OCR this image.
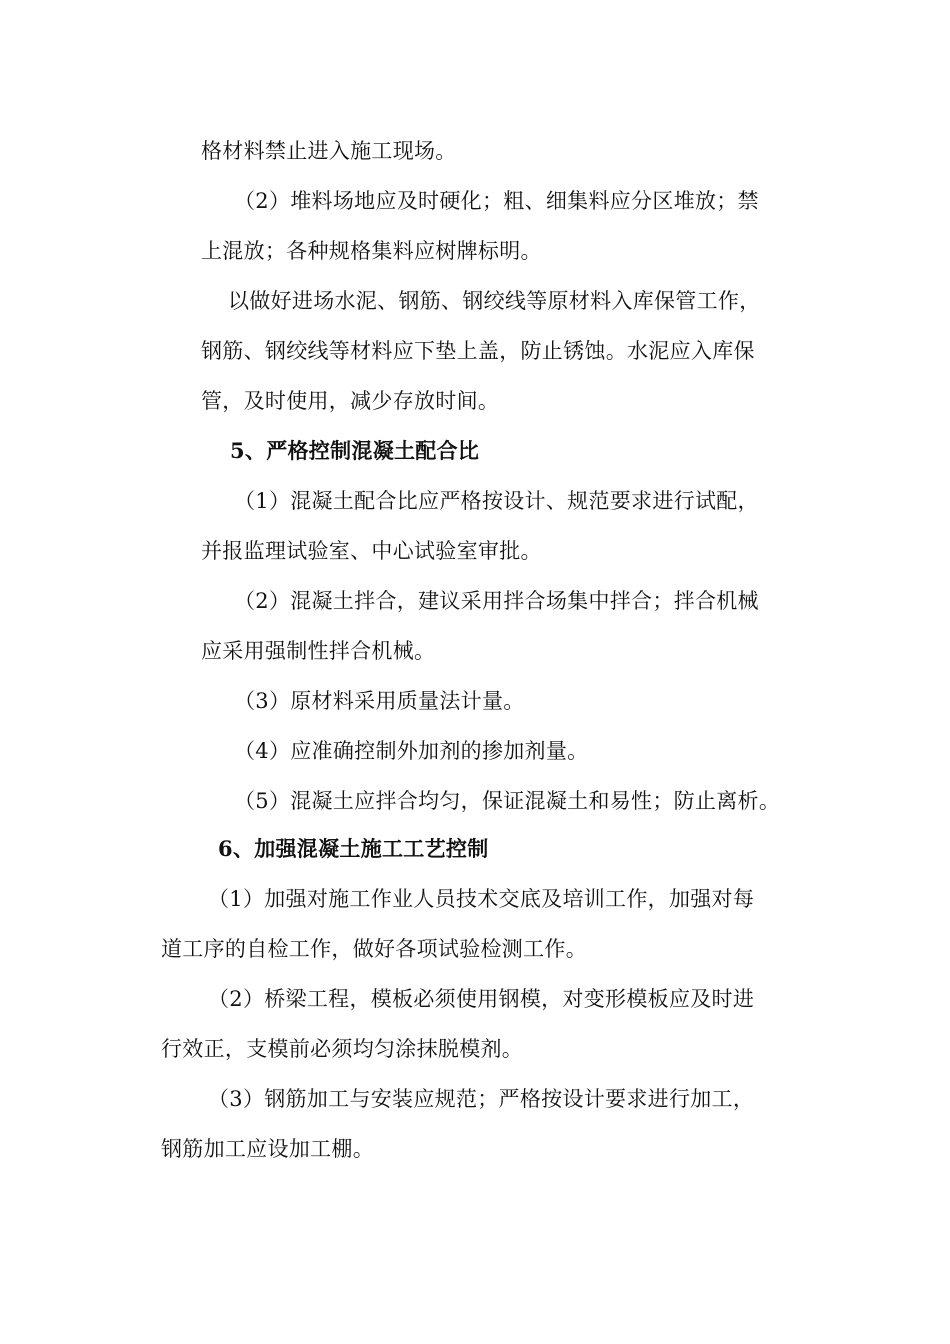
格材料禁止进入施工现场。
（2）堆料场地应及时硬化；粗、细集料应分区堆放；禁
上混放；各种规格集料应树牌标明。
以做好进场水泥、钢筋、钢绞线等原材料入库保管工作，
钢筋、钢绞线等材料应下垫上盖，防止锈蚀。水泥应入库保
管，及时使用，减少存放时间。
5、严格控制混凝土配合比
（1）混凝土配合比应严格按设计、规范要求进行试配，
并报监理试验室、中心试验室审批。
（2）混凝土拌合，建议采用拌合场集中拌合；拌合机械
应采用强制性拌合机械。
（3）原材料采用质量法计量。
（4）应准确控制外加剂的掺加剂量。
（5）混凝土应拌合均匀，保证混凝土和易性；防止离析。
6、加强混凝土施工工艺控制
（1）加强对施工作业人员技术交底及培训工作，加强对每
道工序的自检工作，做好各项试验检测工作。
（2）桥梁工程，模板必须使用钢模，对变形模板应及时进
行效正，支模前必须均匀涂抹脱模剂。
（3）钢筋加工与安装应规范；严格按设计要求进行加工，
钢筋加工应设加工棚。
